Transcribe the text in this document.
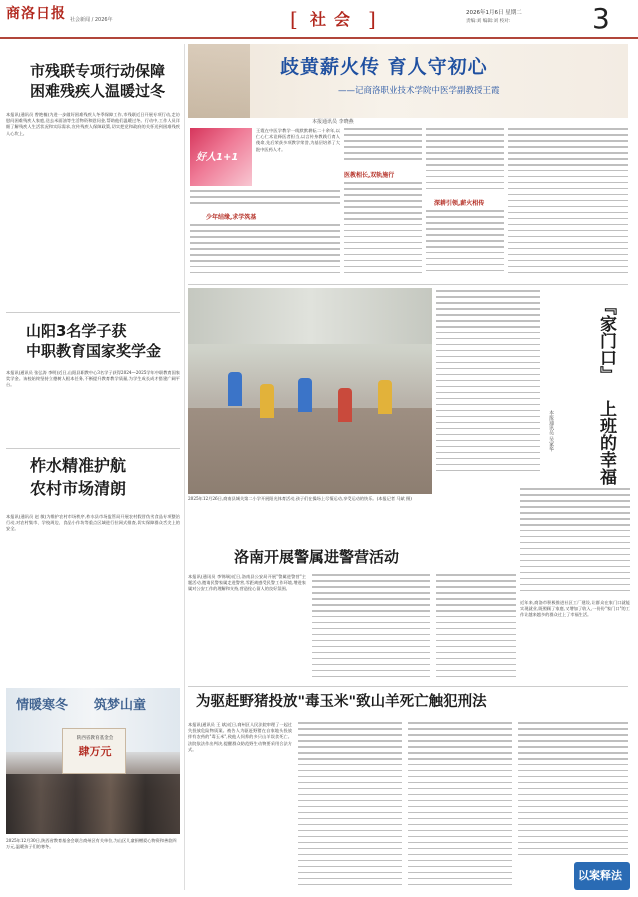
商洛日报 社会新闻 / 2026年	[ 社会 ]	2026年1月6日 星期二
责编:刘 编辑:刘 校对:	3
市残联专项行动保障
困难残疾人温暖过冬
本报讯(通讯员 曾艳楠)为进一步做好困难残疾人冬季保障工作,市残联近日开展专项行动,走访慰问困难残疾人家庭,送去米面油等生活物资和慰问金,帮助他们温暖过冬。行动中,工作人员详细了解残疾人生活状况和实际需求,宣传残疾人保障政策,切实把党和政府的关怀送到困难残疾人心坎上。
山阳3名学子获
中职教育国家奖学金
本报讯(通讯员 张弘涛 李明)近日,山阳县职教中心3名学子获得2024—2025学年中职教育国家奖学金。该校始终坚持立德树人根本任务,不断提升教育教学质量,为学生成长成才搭建广阔平台。
柞水精准护航
农村市场清朗
本报讯(通讯员 赵 敏)为维护农村市场秩序,柞水县市场监管局开展农村假冒伪劣食品专项整治行动,对农村集市、学校周边、食品小作坊等重点区域进行拉网式排查,切实保障群众舌尖上的安全。
情暖寒冬 筑梦山童
陕西省教育基金会
肆万元
2025年12月30日,陕西省教育基金会联合商州区有关单位,为山区儿童捐赠爱心物资和善款四万元,温暖孩子们的寒冬。
歧黄薪火传 育人守初心
——记商洛职业技术学院中医学副教授王霞
本报通讯员 李晓燕
好人1+1
王霞在中医学教学一线默默耕耘二十余年,以仁心仁术诠释医者担当,以言传身教践行育人使命,先后荣获多项教学荣誉,为基层培养了大批中医药人才。
少年结缘,求学筑基
医教相长,双轨施行
深耕引领,薪火相传
2025年12月26日,商南县城关第二小学开展阳光体育活动,孩子们在操场上尽情运动,享受运动的快乐。(本报记者 马斌 摄)
洛南开展警属进警营活动
本报讯(通讯员 李锦瑞)近日,洛南县公安局开展"警属进警营"主题活动,邀请民警家属走进警营,零距离感受民警工作环境,增进家属对公安工作的理解和支持,营造拴心留人的良好氛围。
『家门口』
上班的幸福
本报通讯员 吴家华
近年来,商洛市积极推进社区工厂建设,让群众在家门口就能实现就业,既照顾了家庭,又增加了收入,一份份"家门口"的工作让越来越多的群众过上了幸福生活。
为驱赶野猪投放"毒玉米"致山羊死亡触犯刑法
本报讯(通讯员 王 斌)近日,商州区人民法院审理了一起过失投放危险物质案。被告人为驱赶野猪在自家地头投放拌有农药的"毒玉米",致他人饲养的多只山羊误食死亡。法院依法作出判决,提醒群众防范野生动物要采用合法方式。
以案释法
